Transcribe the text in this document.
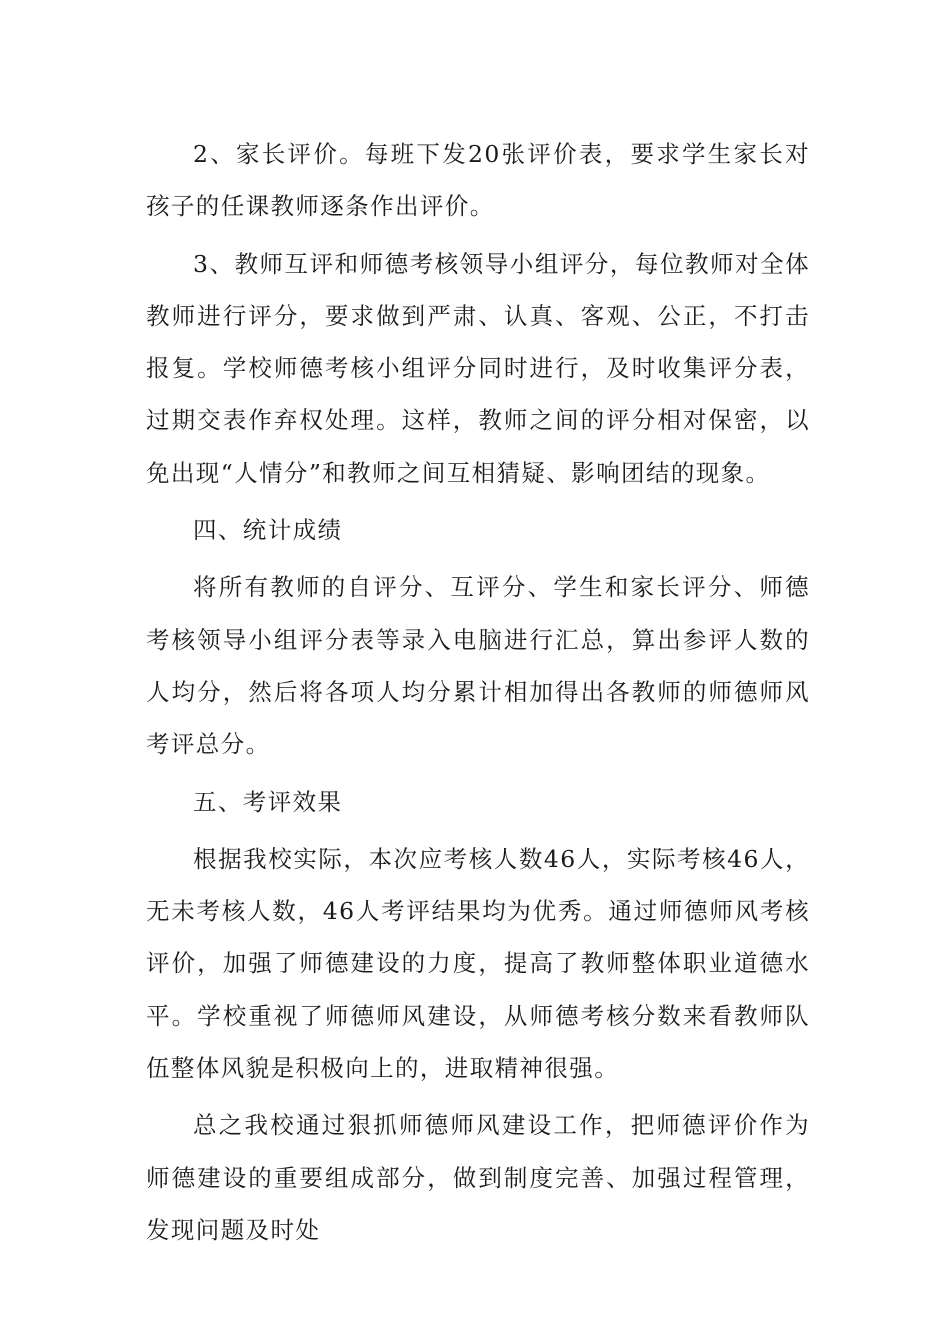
2、家长评价。每班下发20张评价表，要求学生家长对孩子的任课教师逐条作出评价。

3、教师互评和师德考核领导小组评分，每位教师对全体教师进行评分，要求做到严肃、认真、客观、公正，不打击报复。学校师德考核小组评分同时进行，及时收集评分表，过期交表作弃权处理。这样，教师之间的评分相对保密，以免出现“人情分”和教师之间互相猜疑、影响团结的现象。

四、统计成绩

将所有教师的自评分、互评分、学生和家长评分、师德考核领导小组评分表等录入电脑进行汇总，算出参评人数的人均分，然后将各项人均分累计相加得出各教师的师德师风考评总分。

五、考评效果

根据我校实际，本次应考核人数46人，实际考核46人，无未考核人数，46人考评结果均为优秀。通过师德师风考核评价，加强了师德建设的力度，提高了教师整体职业道德水平。学校重视了师德师风建设，从师德考核分数来看教师队伍整体风貌是积极向上的，进取精神很强。

总之我校通过狠抓师德师风建设工作，把师德评价作为师德建设的重要组成部分，做到制度完善、加强过程管理，发现问题及时处
